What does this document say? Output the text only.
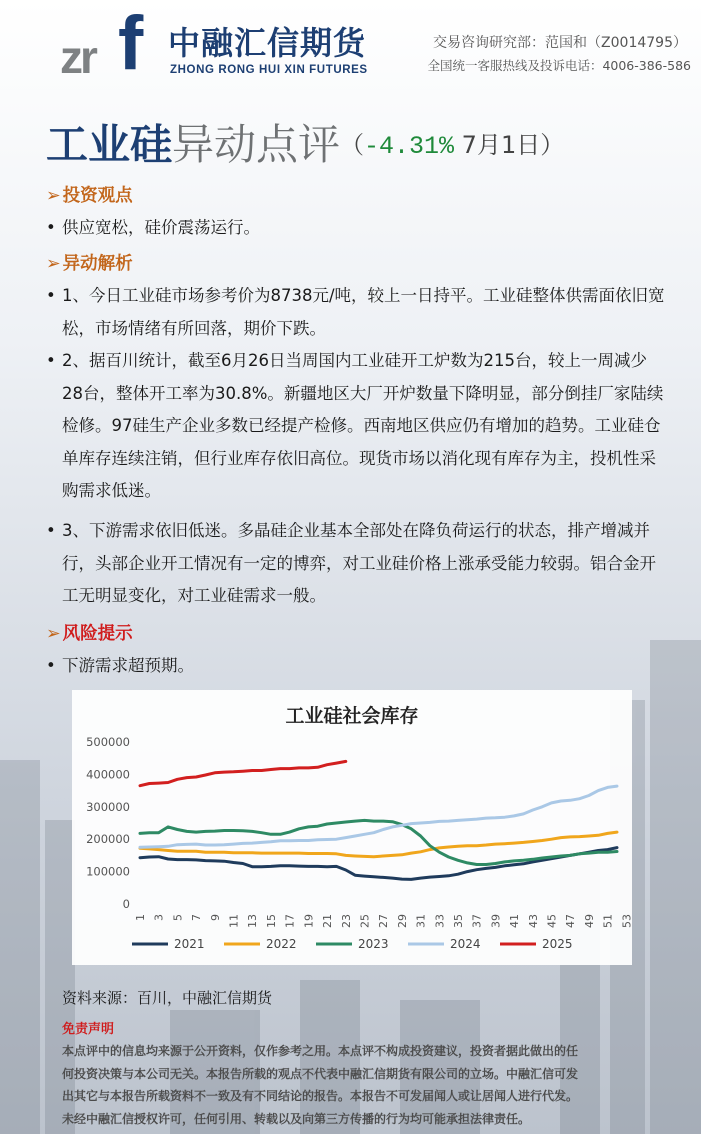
zr f 中融汇信期货
ZHONG RONG HUI XIN FUTURES
交易咨询研究部：范国和（Z0014795）
全国统一客服热线及投诉电话：4006-386-586
工业硅异动点评（-4.31% 7月1日）
➢ 投资观点
• 供应宽松，硅价震荡运行。
➢ 异动解析
• 1、今日工业硅市场参考价为8738元/吨，较上一日持平。工业硅整体供需面依旧宽松，市场情绪有所回落，期价下跌。
• 2、据百川统计，截至6月26日当周国内工业硅开工炉数为215台，较上一周减少28台，整体开工率为30.8%。新疆地区大厂开炉数量下降明显，部分倒挂厂家陆续检修。97硅生产企业多数已经提产检修。西南地区供应仍有增加的趋势。工业硅仓单库存连续注销，但行业库存依旧高位。现货市场以消化现有库存为主，投机性采购需求低迷。
• 3、下游需求依旧低迷。多晶硅企业基本全部处在降负荷运行的状态，排产增减并行，头部企业开工情况有一定的博弈，对工业硅价格上涨承受能力较弱。铝合金开工无明显变化，对工业硅需求一般。
➢ 风险提示
• 下游需求超预期。
工业硅社会库存
0
100000
200000
300000
400000
500000
1 3 5 7 9 11 13 15 17 19 21 23 25 27 29 31 33 35 37 39 41 43 45 47 49 51 53
2021	2022	2023	2024	2025
资料来源：百川，中融汇信期货
免责声明
本点评中的信息均来源于公开资料，仅作参考之用。本点评不构成投资建议，投资者据此做出的任
何投资决策与本公司无关。本报告所载的观点不代表中融汇信期货有限公司的立场。中融汇信可发
出其它与本报告所载资料不一致及有不同结论的报告。本报告不可发届闻人或让居闻人进行代发。
未经中融汇信授权许可，任何引用、转载以及向第三方传播的行为均可能承担法律责任。
